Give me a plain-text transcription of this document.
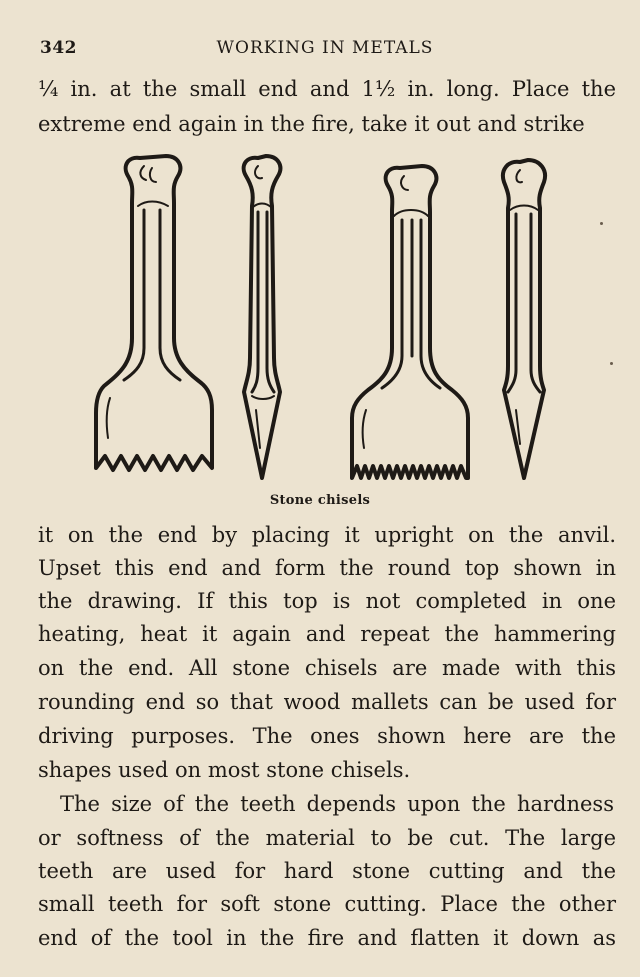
342	WORKING IN METALS
¼ in. at the small end and 1½ in. long. Place the
extreme end again in the fire, take it out and strike
Stone chisels
it on the end by placing it upright on the anvil.
Upset this end and form the round top shown in
the drawing. If this top is not completed in one
heating, heat it again and repeat the hammering
on the end. All stone chisels are made with this
rounding end so that wood mallets can be used for
driving purposes. The ones shown here are the
shapes used on most stone chisels.
The size of the teeth depends upon the hardness
or softness of the material to be cut. The large
teeth are used for hard stone cutting and the
small teeth for soft stone cutting. Place the other
end of the tool in the fire and flatten it down as
